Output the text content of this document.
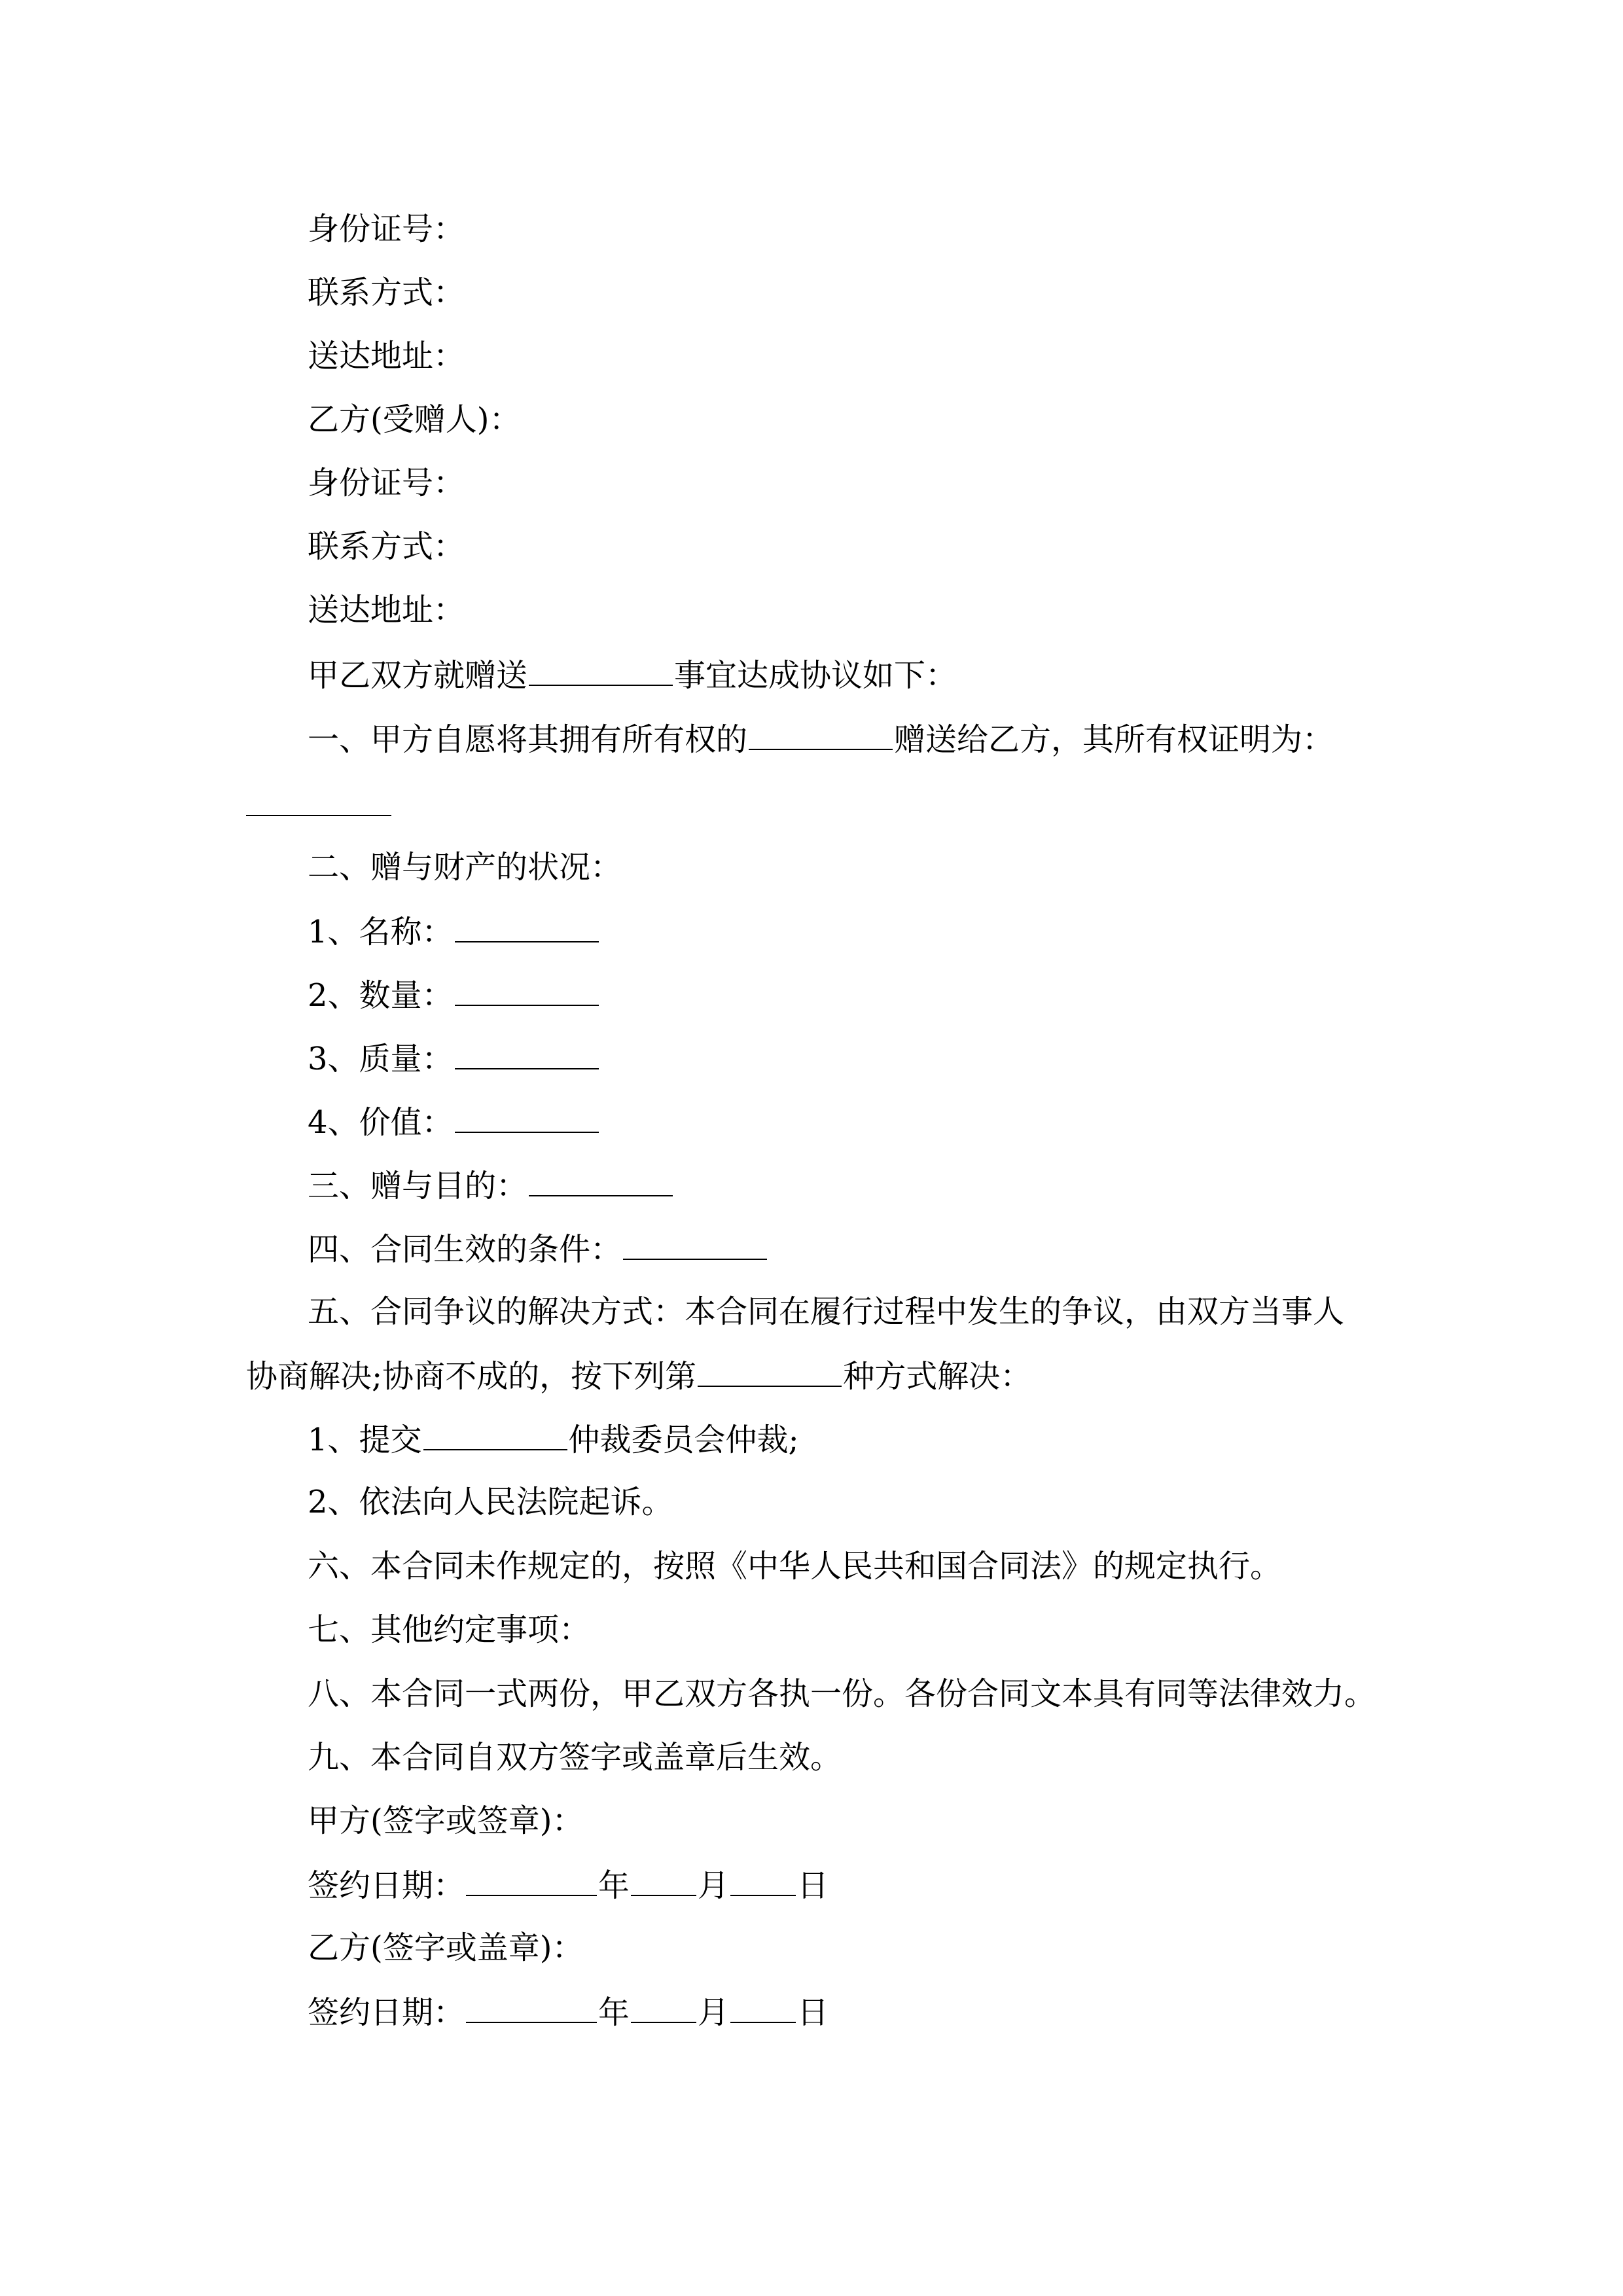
身份证号：
联系方式：
送达地址：
乙方(受赠人)：
身份证号：
联系方式：
送达地址：
甲乙双方就赠送	事宜达成协议如下：
一、甲方自愿将其拥有所有权的	赠送给乙方，其所有权证明为：
二、赠与财产的状况：
1、名称：
2、数量：
3、质量：
4、价值：
三、赠与目的：
四、合同生效的条件：
五、合同争议的解决方式：本合同在履行过程中发生的争议，由双方当事人
协商解决;协商不成的，按下列第	种方式解决：
1、提交	仲裁委员会仲裁;
2、依法向人民法院起诉。
六、本合同未作规定的，按照《中华人民共和国合同法》的规定执行。
七、其他约定事项：
八、本合同一式两份，甲乙双方各执一份。各份合同文本具有同等法律效力。
九、本合同自双方签字或盖章后生效。
甲方(签字或签章)：
签约日期：	年 月 日
乙方(签字或盖章)：
签约日期：	年 月 日
